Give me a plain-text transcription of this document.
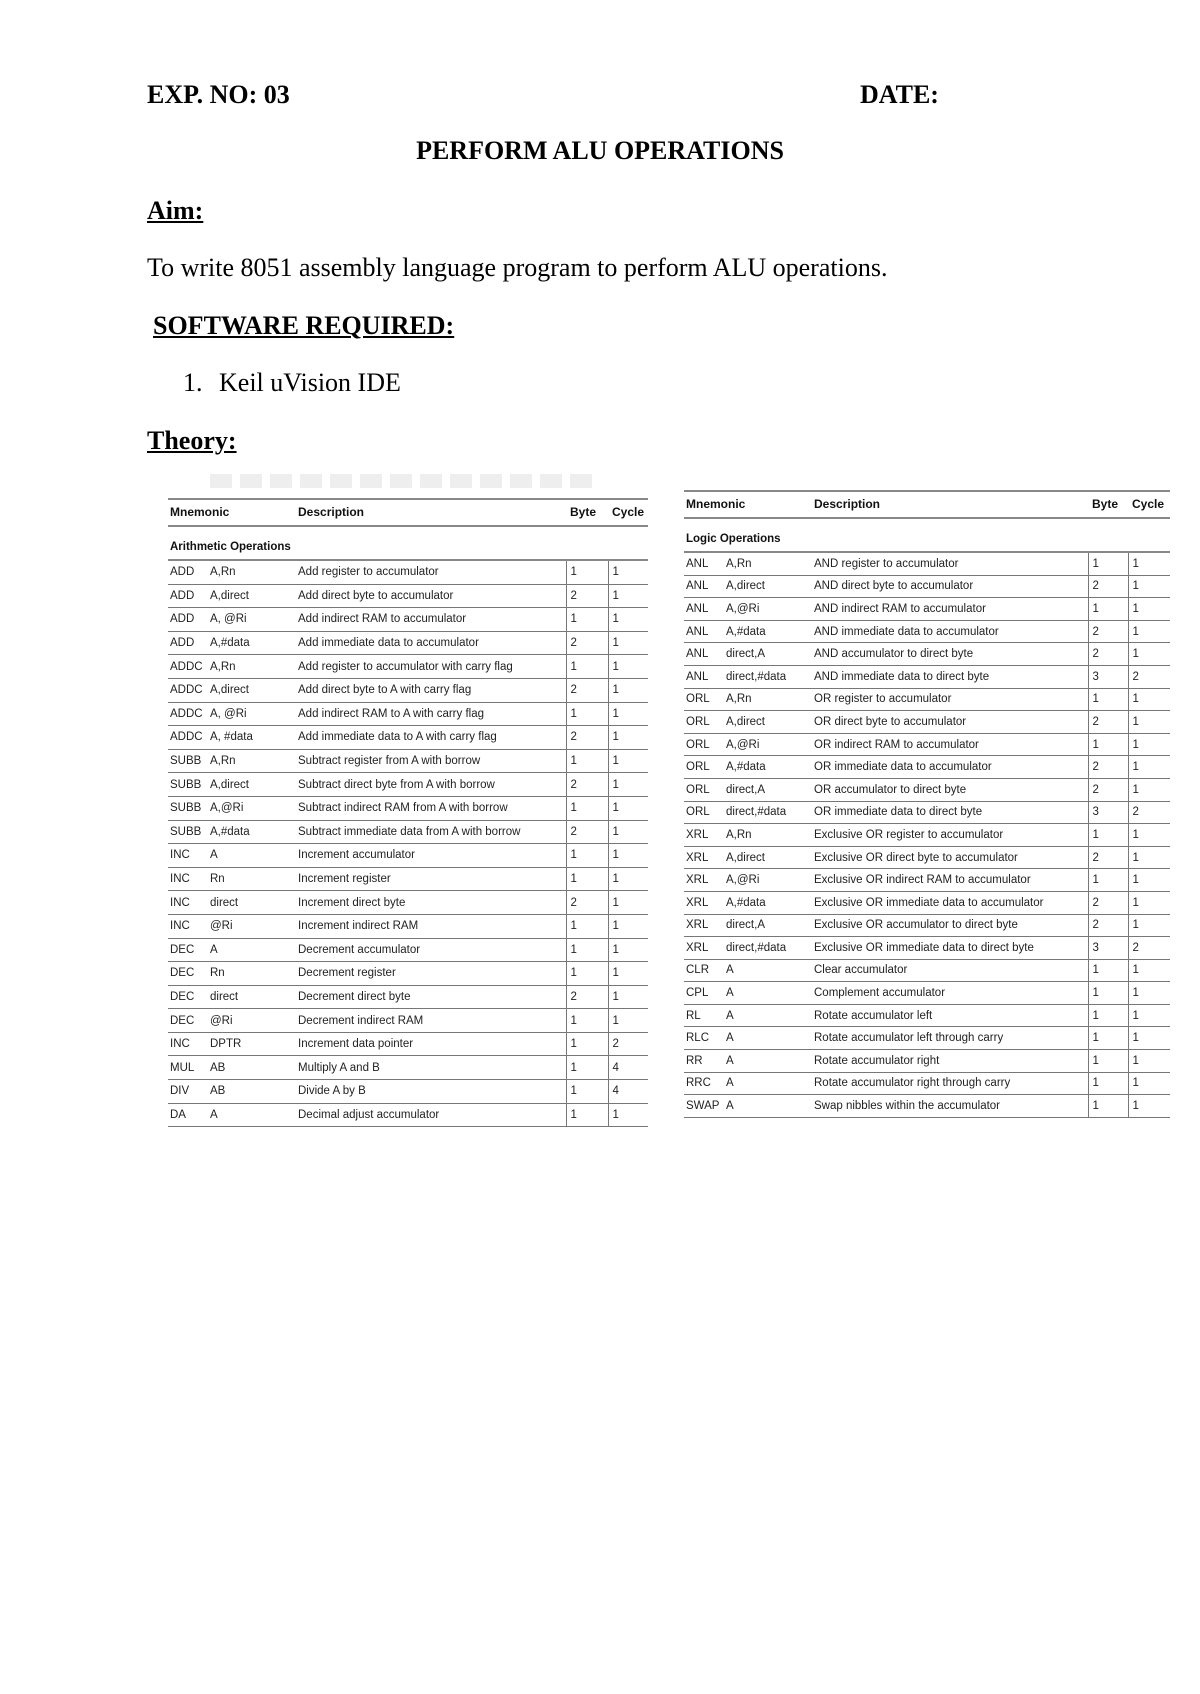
EXP. NO: 03	DATE:
PERFORM ALU OPERATIONS
Aim:
To write 8051 assembly language program to perform ALU operations.
SOFTWARE REQUIRED:
1. Keil uVision IDE
Theory:
Mnemonic	Description	Byte	Cycle
Arithmetic Operations			
ADD A,Rn	Add register to accumulator	1	1
ADD A,direct	Add direct byte to accumulator	2	1
ADD A, @Ri	Add indirect RAM to accumulator	1	1
ADD A,#data	Add immediate data to accumulator	2	1
ADDC A,Rn	Add register to accumulator with carry flag	1	1
ADDC A,direct	Add direct byte to A with carry flag	2	1
ADDC A, @Ri	Add indirect RAM to A with carry flag	1	1
ADDC A, #data	Add immediate data to A with carry flag	2	1
SUBB A,Rn	Subtract register from A with borrow	1	1
SUBB A,direct	Subtract direct byte from A with borrow	2	1
SUBB A,@Ri	Subtract indirect RAM from A with borrow	1	1
SUBB A,#data	Subtract immediate data from A with borrow	2	1
INC A	Increment accumulator	1	1
INC Rn	Increment register	1	1
INC direct	Increment direct byte	2	1
INC @Ri	Increment indirect RAM	1	1
DEC A	Decrement accumulator	1	1
DEC Rn	Decrement register	1	1
DEC direct	Decrement direct byte	2	1
DEC @Ri	Decrement indirect RAM	1	1
INC DPTR	Increment data pointer	1	2
MUL AB	Multiply A and B	1	4
DIV AB	Divide A by B	1	4
DA A	Decimal adjust accumulator	1	1
Mnemonic	Description	Byte	Cycle
Logic Operations			
ANL A,Rn	AND register to accumulator	1	1
ANL A,direct	AND direct byte to accumulator	2	1
ANL A,@Ri	AND indirect RAM to accumulator	1	1
ANL A,#data	AND immediate data to accumulator	2	1
ANL direct,A	AND accumulator to direct byte	2	1
ANL direct,#data	AND immediate data to direct byte	3	2
ORL A,Rn	OR register to accumulator	1	1
ORL A,direct	OR direct byte to accumulator	2	1
ORL A,@Ri	OR indirect RAM to accumulator	1	1
ORL A,#data	OR immediate data to accumulator	2	1
ORL direct,A	OR accumulator to direct byte	2	1
ORL direct,#data	OR immediate data to direct byte	3	2
XRL A,Rn	Exclusive OR register to accumulator	1	1
XRL A,direct	Exclusive OR direct byte to accumulator	2	1
XRL A,@Ri	Exclusive OR indirect RAM to accumulator	1	1
XRL A,#data	Exclusive OR immediate data to accumulator	2	1
XRL direct,A	Exclusive OR accumulator to direct byte	2	1
XRL direct,#data	Exclusive OR immediate data to direct byte	3	2
CLR A	Clear accumulator	1	1
CPL A	Complement accumulator	1	1
RL A	Rotate accumulator left	1	1
RLC A	Rotate accumulator left through carry	1	1
RR A	Rotate accumulator right	1	1
RRC A	Rotate accumulator right through carry	1	1
SWAP A	Swap nibbles within the accumulator	1	1
